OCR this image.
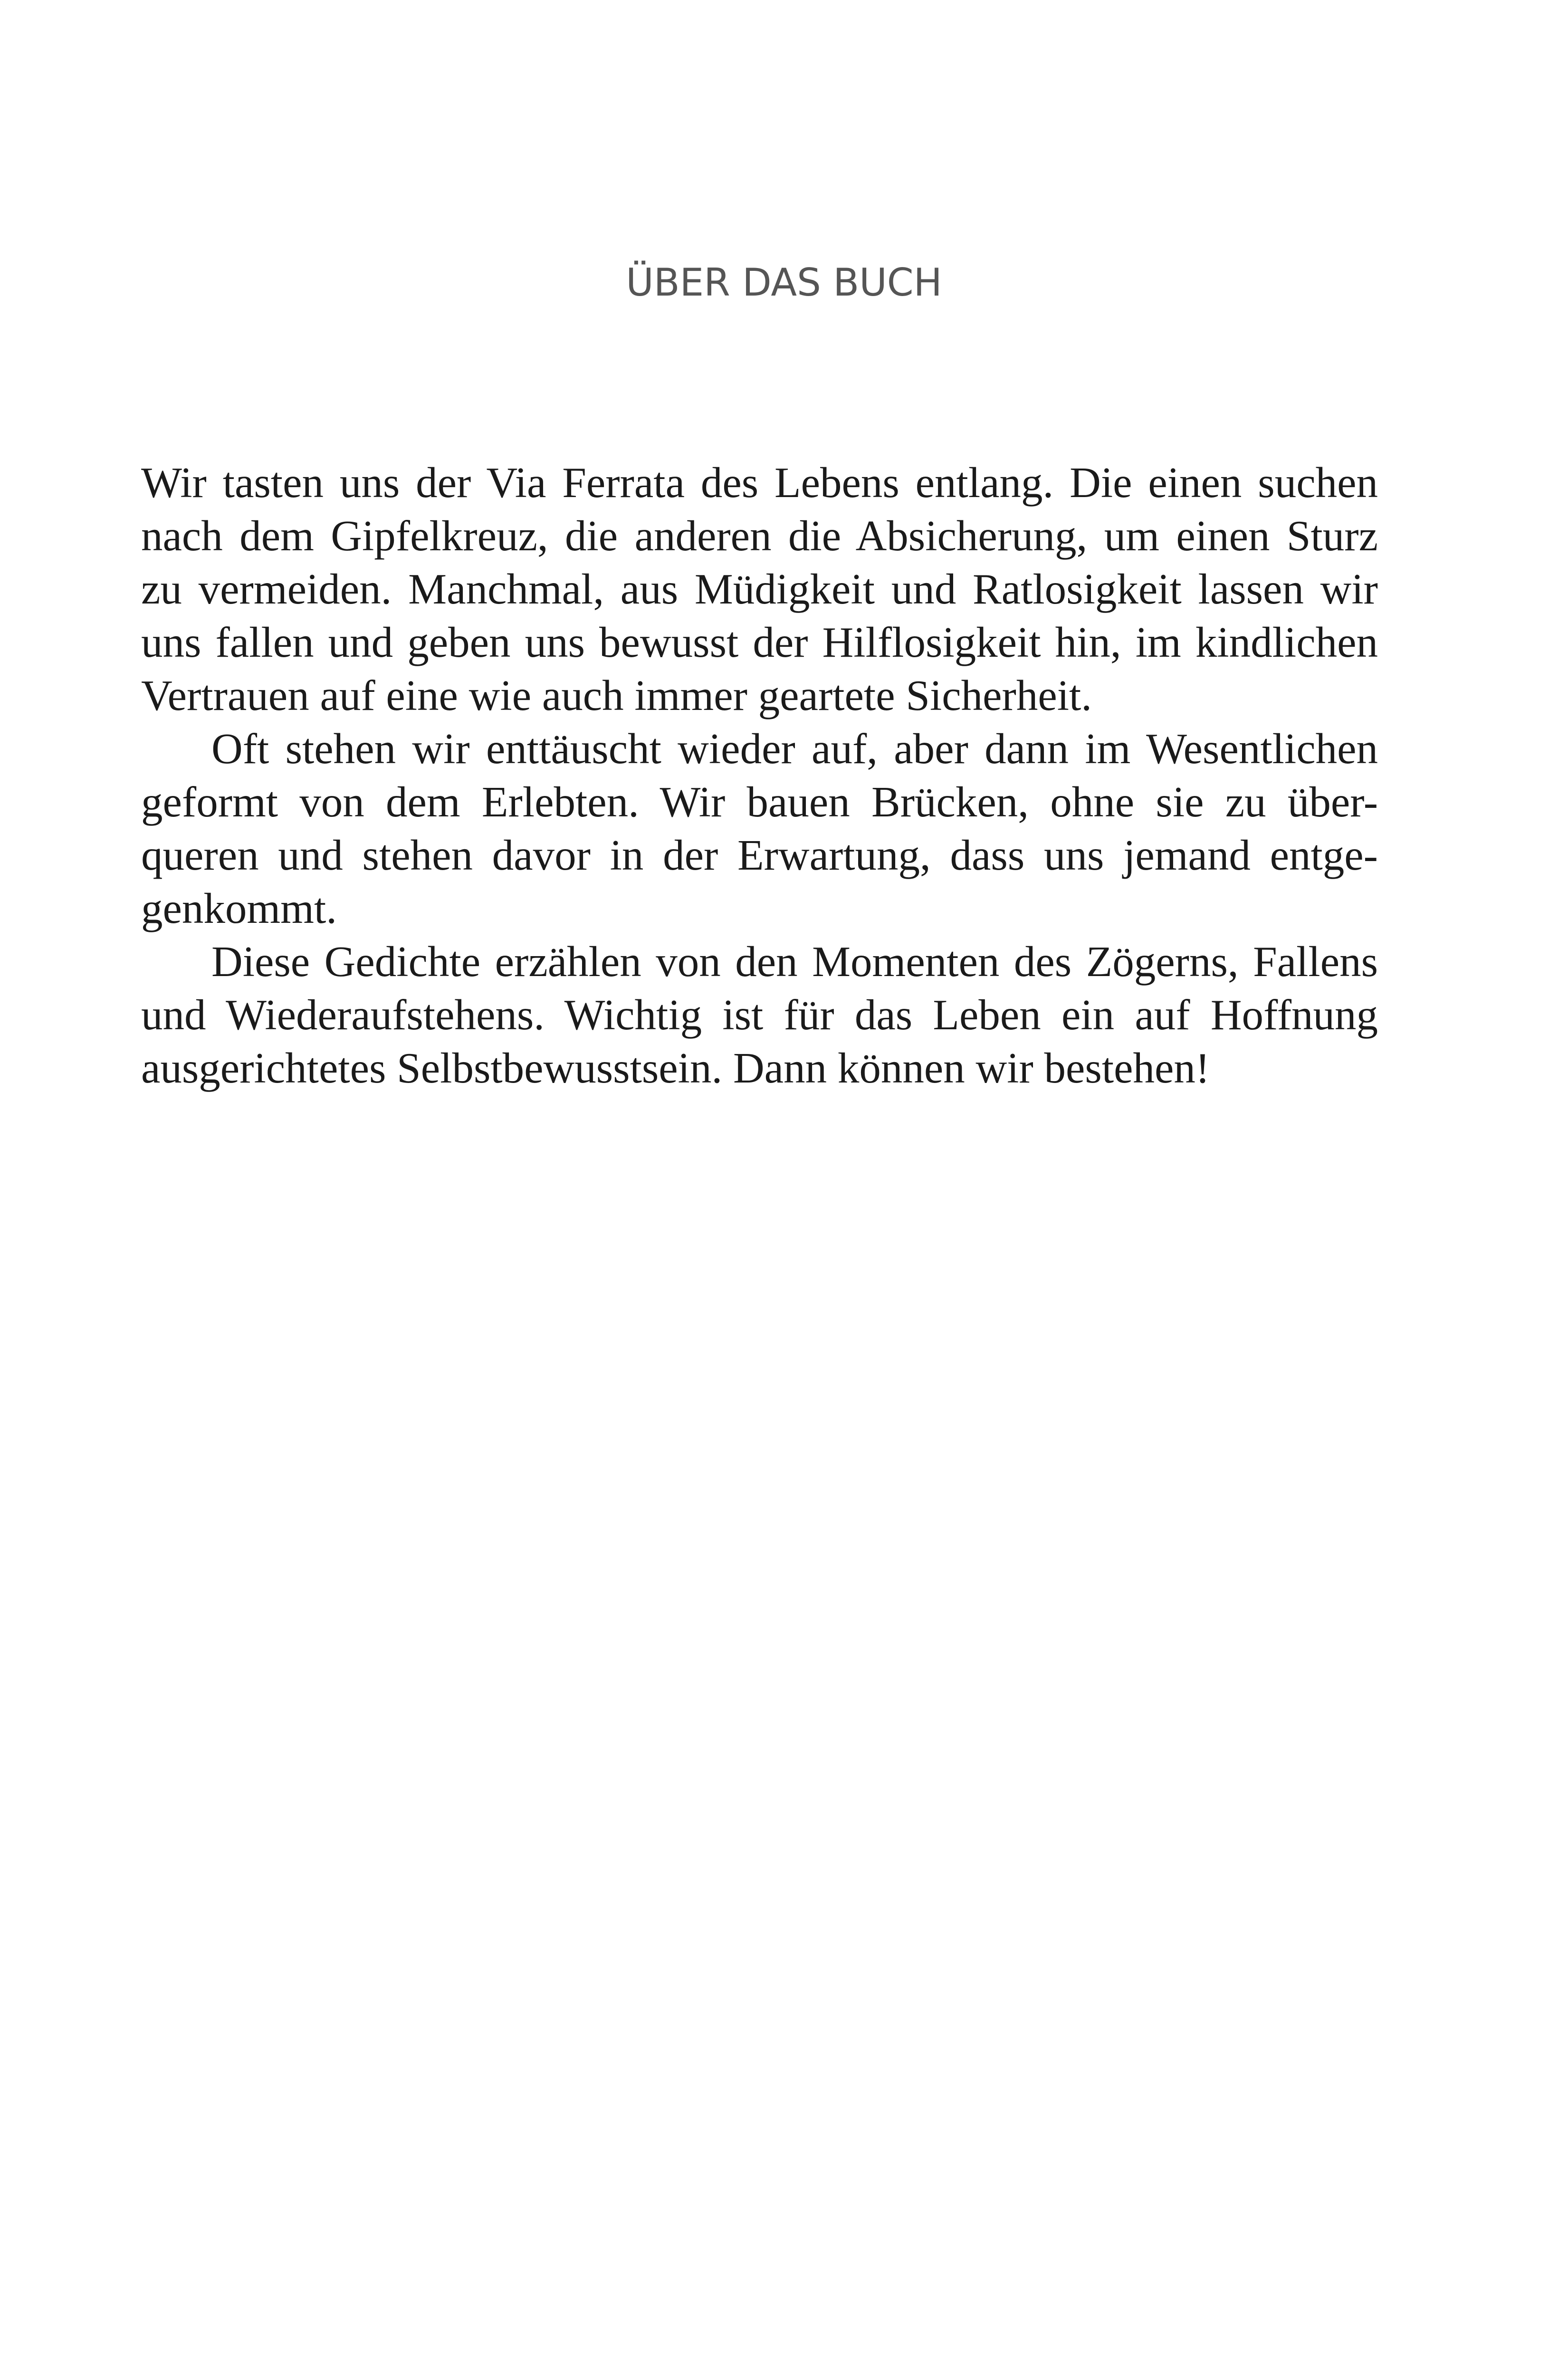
ÜBER DAS BUCH
Wir tasten uns der Via Ferrata des Lebens entlang. Die einen suchen
nach dem Gipfelkreuz, die anderen die Absicherung, um einen Sturz
zu vermeiden. Manchmal, aus Müdigkeit und Ratlosigkeit lassen wir
uns fallen und geben uns bewusst der Hilflosigkeit hin, im kindlichen
Vertrauen auf eine wie auch immer geartete Sicherheit.
Oft stehen wir enttäuscht wieder auf, aber dann im Wesentlichen
geformt von dem Erlebten. Wir bauen Brücken, ohne sie zu über-
queren und stehen davor in der Erwartung, dass uns jemand entge-
genkommt.
Diese Gedichte erzählen von den Momenten des Zögerns, Fallens
und Wiederaufstehens. Wichtig ist für das Leben ein auf Hoffnung
ausgerichtetes Selbstbewusstsein. Dann können wir bestehen!
